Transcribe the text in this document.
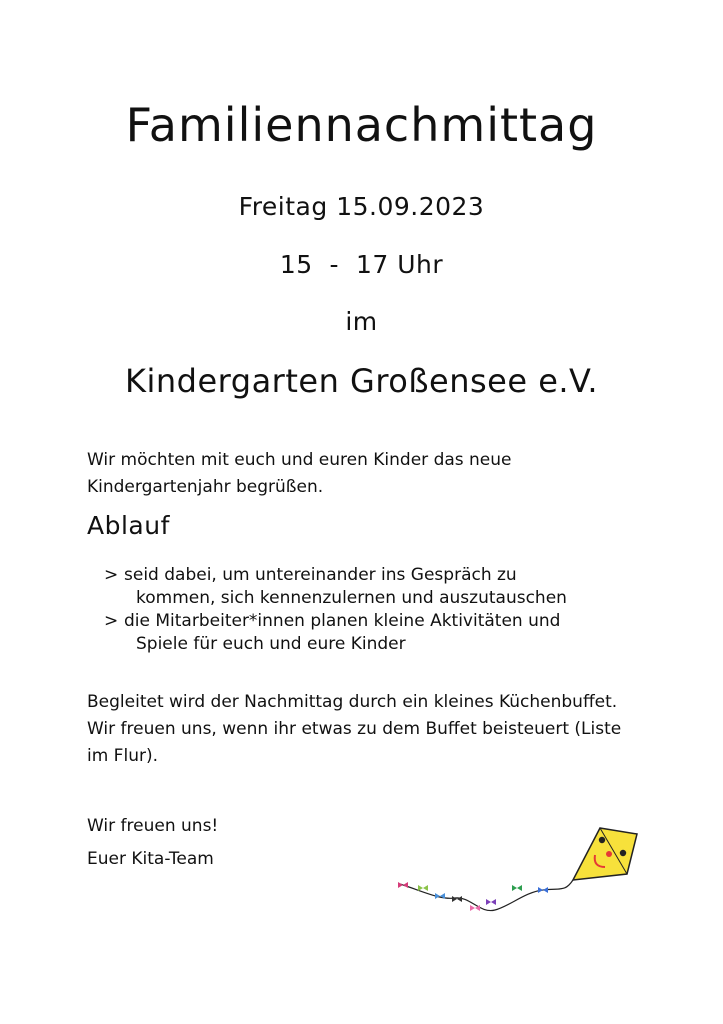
Familiennachmittag
Freitag 15.09.2023
15  -  17 Uhr
im
Kindergarten Großensee e.V.
Wir möchten mit euch und euren Kinder das neue Kindergartenjahr begrüßen.
Ablauf
> seid dabei, um untereinander ins Gespräch zu
kommen, sich kennenzulernen und auszutauschen
> die Mitarbeiter*innen planen kleine Aktivitäten und
Spiele für euch und eure Kinder
Begleitet wird der Nachmittag durch ein kleines Küchenbuffet. Wir freuen uns, wenn ihr etwas zu dem Buffet beisteuert (Liste im Flur).
Wir freuen uns!
Euer Kita-Team
